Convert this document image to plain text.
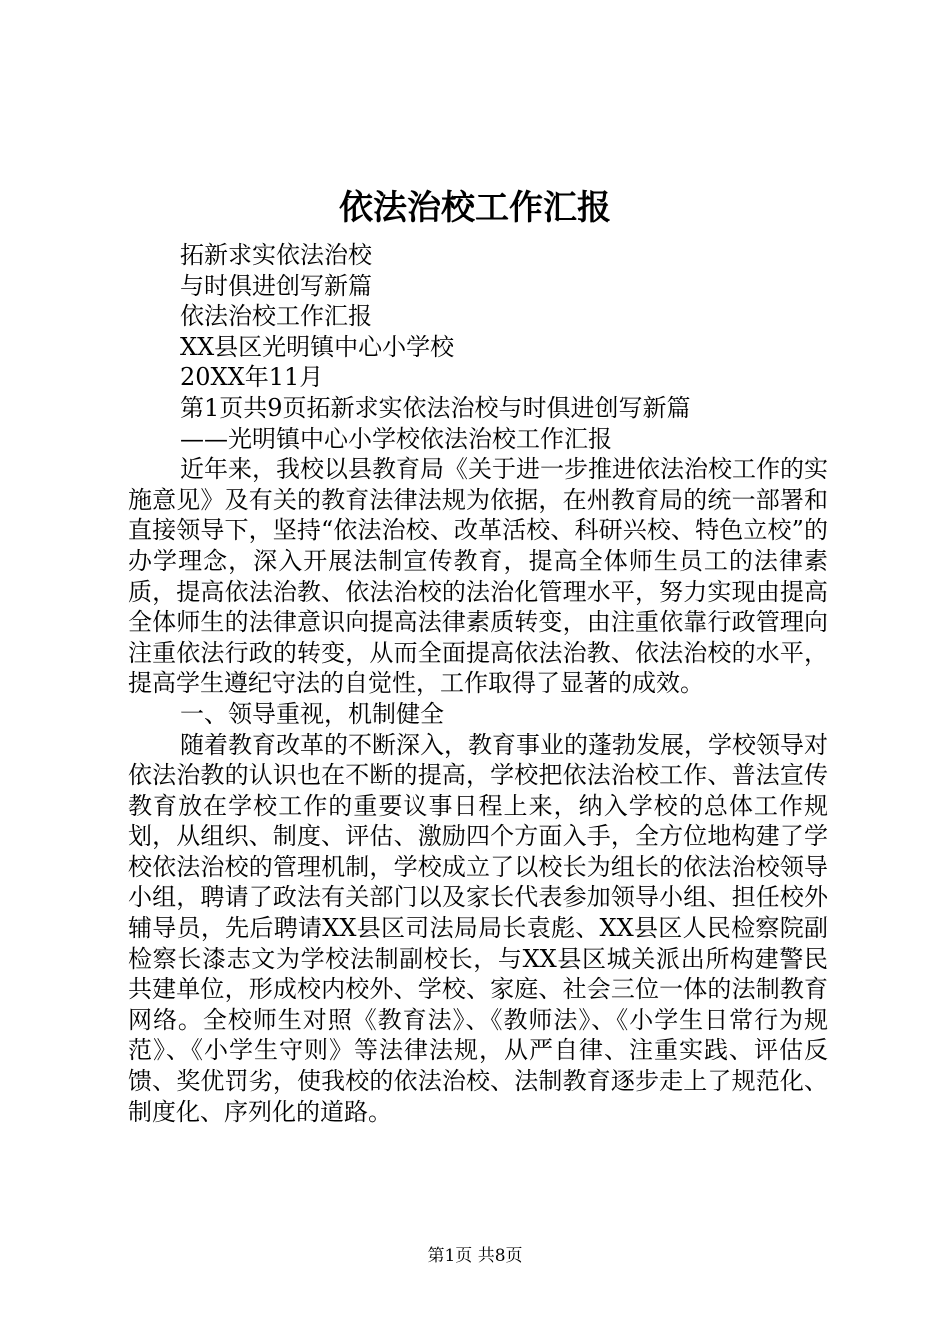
依法治校工作汇报

拓新求实依法治校

与时俱进创写新篇

依法治校工作汇报

XX县区光明镇中心小学校

20XX年11月

第1页共9页拓新求实依法治校与时俱进创写新篇

——光明镇中心小学校依法治校工作汇报

近年来，我校以县教育局《关于进一步推进依法治校工作的实施意见》及有关的教育法律法规为依据，在州教育局的统一部署和直接领导下，坚持“依法治校、改革活校、科研兴校、特色立校”的办学理念，深入开展法制宣传教育，提高全体师生员工的法律素质，提高依法治教、依法治校的法治化管理水平，努力实现由提高全体师生的法律意识向提高法律素质转变，由注重依靠行政管理向注重依法行政的转变，从而全面提高依法治教、依法治校的水平，提高学生遵纪守法的自觉性，工作取得了显著的成效。

一、领导重视，机制健全

随着教育改革的不断深入，教育事业的蓬勃发展，学校领导对依法治教的认识也在不断的提高，学校把依法治校工作、普法宣传教育放在学校工作的重要议事日程上来，纳入学校的总体工作规划，从组织、制度、评估、激励四个方面入手，全方位地构建了学校依法治校的管理机制，学校成立了以校长为组长的依法治校领导小组，聘请了政法有关部门以及家长代表参加领导小组、担任校外辅导员，先后聘请XX县区司法局局长袁彪、XX县区人民检察院副检察长漆志文为学校法制副校长，与XX县区城关派出所构建警民共建单位，形成校内校外、学校、家庭、社会三位一体的法制教育网络。全校师生对照《教育法》、《教师法》、《小学生日常行为规范》、《小学生守则》等法律法规，从严自律、注重实践、评估反馈、奖优罚劣，使我校的依法治校、法制教育逐步走上了规范化、制度化、序列化的道路。

第1页 共8页
